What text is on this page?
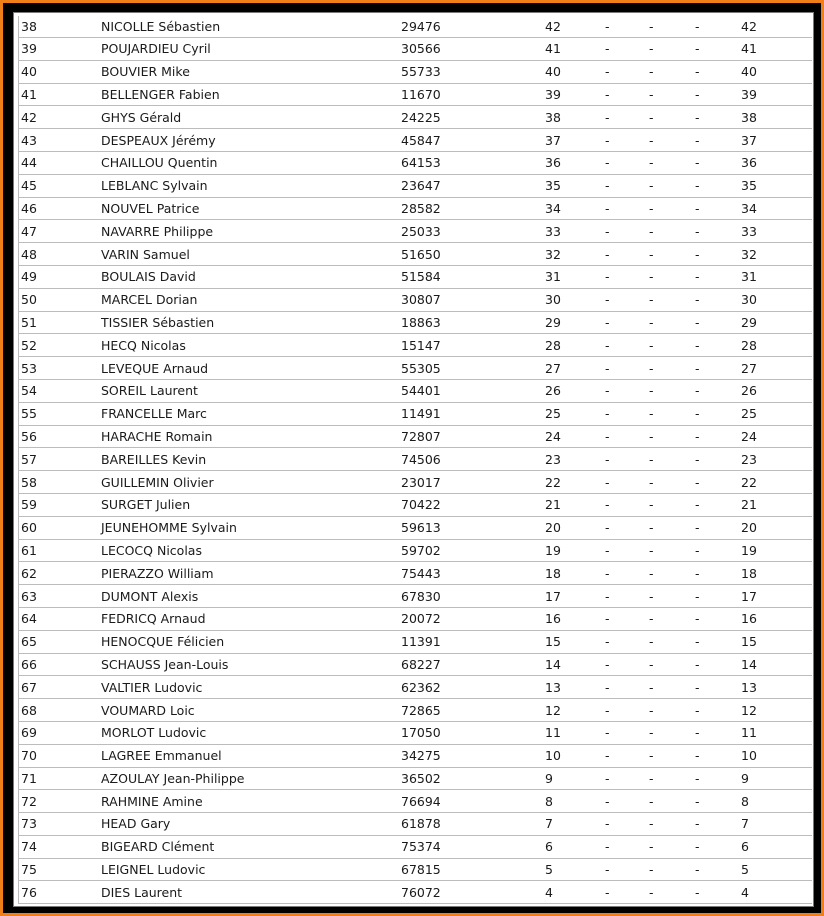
38	NICOLLE Sébastien	29476	42	-	-	-	42
39	POUJARDIEU Cyril	30566	41	-	-	-	41
40	BOUVIER Mike	55733	40	-	-	-	40
41	BELLENGER Fabien	11670	39	-	-	-	39
42	GHYS Gérald	24225	38	-	-	-	38
43	DESPEAUX Jérémy	45847	37	-	-	-	37
44	CHAILLOU Quentin	64153	36	-	-	-	36
45	LEBLANC Sylvain	23647	35	-	-	-	35
46	NOUVEL Patrice	28582	34	-	-	-	34
47	NAVARRE Philippe	25033	33	-	-	-	33
48	VARIN Samuel	51650	32	-	-	-	32
49	BOULAIS David	51584	31	-	-	-	31
50	MARCEL Dorian	30807	30	-	-	-	30
51	TISSIER Sébastien	18863	29	-	-	-	29
52	HECQ Nicolas	15147	28	-	-	-	28
53	LEVEQUE Arnaud	55305	27	-	-	-	27
54	SOREIL Laurent	54401	26	-	-	-	26
55	FRANCELLE Marc	11491	25	-	-	-	25
56	HARACHE Romain	72807	24	-	-	-	24
57	BAREILLES Kevin	74506	23	-	-	-	23
58	GUILLEMIN Olivier	23017	22	-	-	-	22
59	SURGET Julien	70422	21	-	-	-	21
60	JEUNEHOMME Sylvain	59613	20	-	-	-	20
61	LECOCQ Nicolas	59702	19	-	-	-	19
62	PIERAZZO William	75443	18	-	-	-	18
63	DUMONT Alexis	67830	17	-	-	-	17
64	FEDRICQ Arnaud	20072	16	-	-	-	16
65	HENOCQUE Félicien	11391	15	-	-	-	15
66	SCHAUSS Jean-Louis	68227	14	-	-	-	14
67	VALTIER Ludovic	62362	13	-	-	-	13
68	VOUMARD Loic	72865	12	-	-	-	12
69	MORLOT Ludovic	17050	11	-	-	-	11
70	LAGREE Emmanuel	34275	10	-	-	-	10
71	AZOULAY Jean-Philippe	36502	9	-	-	-	9
72	RAHMINE Amine	76694	8	-	-	-	8
73	HEAD Gary	61878	7	-	-	-	7
74	BIGEARD Clément	75374	6	-	-	-	6
75	LEIGNEL Ludovic	67815	5	-	-	-	5
76	DIES Laurent	76072	4	-	-	-	4
